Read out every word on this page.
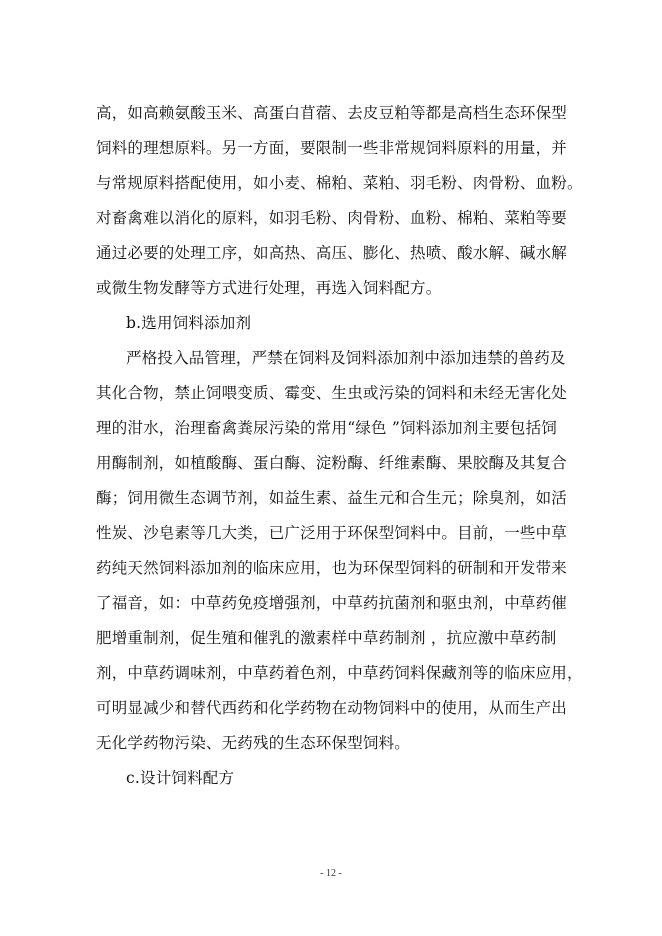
高，如高赖氨酸玉米、高蛋白苜蓿、去皮豆粕等都是高档生态环保型
饲料的理想原料。另一方面，要限制一些非常规饲料原料的用量，并
与常规原料搭配使用，如小麦、棉粕、菜粕、羽毛粉、肉骨粉、血粉。
对畜禽难以消化的原料，如羽毛粉、肉骨粉、血粉、棉粕、菜粕等要
通过必要的处理工序，如高热、高压、膨化、热喷、酸水解、碱水解
或微生物发酵等方式进行处理，再选入饲料配方。
b.选用饲料添加剂
严格投入品管理，严禁在饲料及饲料添加剂中添加违禁的兽药及
其化合物，禁止饲喂变质、霉变、生虫或污染的饲料和未经无害化处
理的泔水，治理畜禽粪尿污染的常用“绿色 ”饲料添加剂主要包括饲
用酶制剂，如植酸酶、蛋白酶、淀粉酶、纤维素酶、果胶酶及其复合
酶；饲用微生态调节剂，如益生素、益生元和合生元；除臭剂，如活
性炭、沙皂素等几大类，已广泛用于环保型饲料中。目前，一些中草
药纯天然饲料添加剂的临床应用，也为环保型饲料的研制和开发带来
了福音，如：中草药免疫增强剂，中草药抗菌剂和驱虫剂，中草药催
肥增重制剂，促生殖和催乳的激素样中草药制剂 ，抗应激中草药制
剂，中草药调味剂，中草药着色剂，中草药饲料保藏剂等的临床应用，
可明显减少和替代西药和化学药物在动物饲料中的使用，从而生产出
无化学药物污染、无药残的生态环保型饲料。
c.设计饲料配方
- 12 -
